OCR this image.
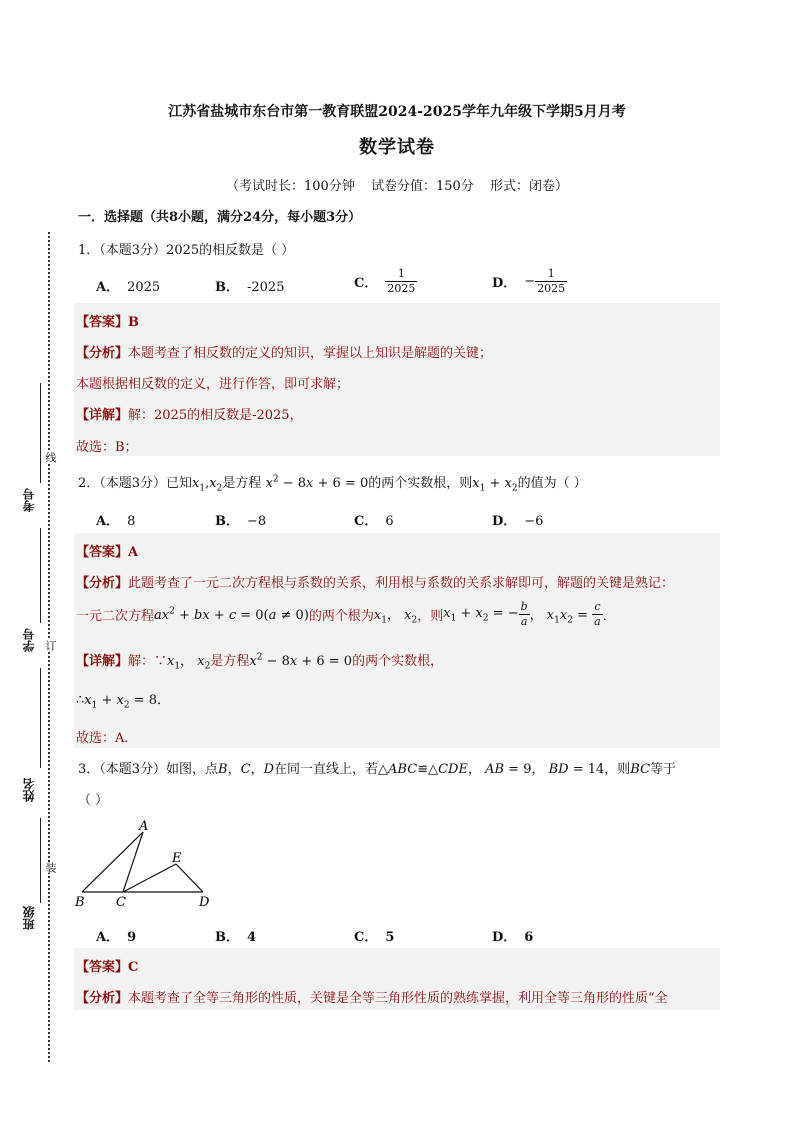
江苏省盐城市东台市第一教育联盟2024-2025学年九年级下学期5月月考
数学试卷
（考试时长：100分钟 试卷分值：150分 形式：闭卷）
一．选择题（共8小题，满分24分，每小题3分）
考号
学号
姓名
班级
线
订
装
1．（本题3分）2025的相反数是（ ）
A． 2025	B． -2025	C． $\frac{1}{2025}$	D． − $\frac{1}{2025}$
【答案】B
【分析】本题考查了相反数的定义的知识，掌握以上知识是解题的关键；
本题根据相反数的定义，进行作答，即可求解；
【详解】解：2025的相反数是-2025，
故选：B；
2．（本题3分）已知$x_1,x_2$是方程 $x^2 - 8x + 6 = 0$的两个实数根，则$x_1 + x_2$的值为（ ）
A． 8	B． −8	C． 6	D． −6
【答案】A
【分析】此题考查了一元二次方程根与系数的关系，利用根与系数的关系求解即可，解题的关键是熟记：
一元二次方程$ax^2$ + bx + c = 0(a ≠ 0)的两个根为$x_1$， $x_2$，则$x_1 + x_2$ = − $\frac{b}{a}$ ， $x_1x_2 = \frac{c}{a}$ ．
【详解】解：$\because x_1$， $x_2$是方程$x^2 - 8x + 6 = 0$的两个实数根，
$\therefore x_1 + x_2 = 8$．
故选：A．
3．（本题3分）如图，点B，C，D在同一直线上，若△ABC≌△CDE， AB = 9， BD = 14，则BC等于
（ ）
A
E
B C	D
A． 9	B． 4	C． 5	D． 6
【答案】C
【分析】本题考查了全等三角形的性质，关键是全等三角形性质的熟练掌握，利用全等三角形的性质“全
